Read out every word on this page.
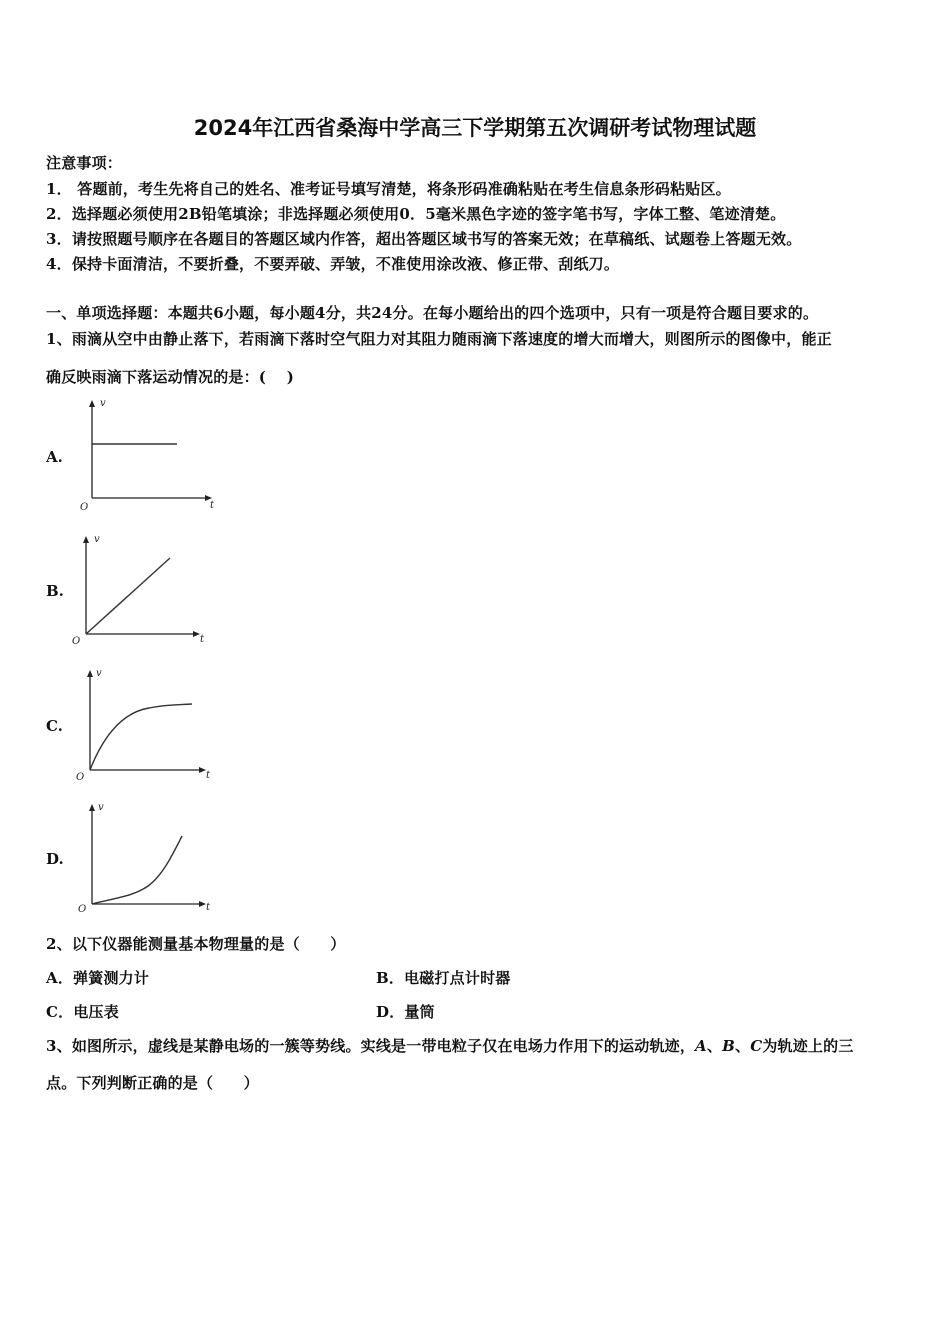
2024年江西省桑海中学高三下学期第五次调研考试物理试题
注意事项：
1． 答题前，考生先将自己的姓名、准考证号填写清楚，将条形码准确粘贴在考生信息条形码粘贴区。
2．选择题必须使用2B铅笔填涂；非选择题必须使用0．5毫米黑色字迹的签字笔书写，字体工整、笔迹清楚。
3．请按照题号顺序在各题目的答题区域内作答，超出答题区域书写的答案无效；在草稿纸、试题卷上答题无效。
4．保持卡面清洁，不要折叠，不要弄破、弄皱，不准使用涂改液、修正带、刮纸刀。
一、单项选择题：本题共6小题，每小题4分，共24分。在每小题给出的四个选项中，只有一项是符合题目要求的。
1、雨滴从空中由静止落下，若雨滴下落时空气阻力对其阻力随雨滴下落速度的增大而增大，则图所示的图像中，能正
确反映雨滴下落运动情况的是：(　 )
A.
v
t
O
B.
v
t
O
C.
v
t
O
D.
v
t
O
2、以下仪器能测量基本物理量的是（　　）
A．弹簧测力计	B．电磁打点计时器
C．电压表	D．量筒
3、如图所示，虚线是某静电场的一簇等势线。实线是一带电粒子仅在电场力作用下的运动轨迹，A、B、C为轨迹上的三
点。下列判断正确的是（　　）
